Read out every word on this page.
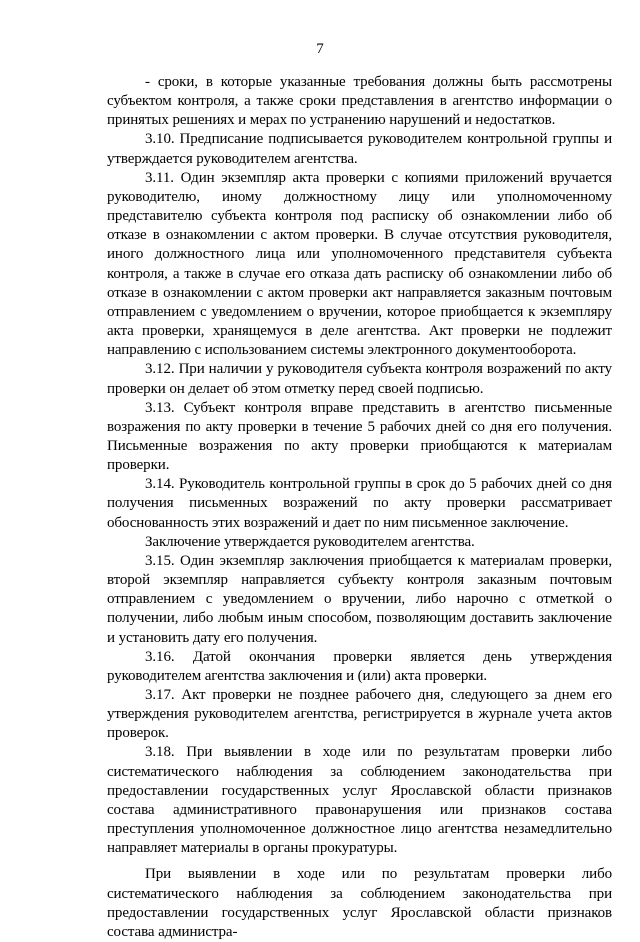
7

- сроки, в которые указанные требования должны быть рассмотрены субъектом контроля, а также сроки представления в агентство информации о принятых решениях и мерах по устранению нарушений и недостатков.

3.10. Предписание подписывается руководителем контрольной группы и утверждается руководителем агентства.

3.11. Один экземпляр акта проверки с копиями приложений вручается руководителю, иному должностному лицу или уполномоченному представителю субъекта контроля под расписку об ознакомлении либо об отказе в ознакомлении с актом проверки. В случае отсутствия руководителя, иного должностного лица или уполномоченного представителя субъекта контроля, а также в случае его отказа дать расписку об ознакомлении либо об отказе в ознакомлении с актом проверки акт направляется заказным почтовым отправлением с уведомлением о вручении, которое приобщается к экземпляру акта проверки, хранящемуся в деле агентства. Акт проверки не подлежит направлению с использованием системы электронного документооборота.

3.12. При наличии у руководителя субъекта контроля возражений по акту проверки он делает об этом отметку перед своей подписью.

3.13. Субъект контроля вправе представить в агентство письменные возражения по акту проверки в течение 5 рабочих дней со дня его получения. Письменные возражения по акту проверки приобщаются к материалам проверки.

3.14. Руководитель контрольной группы в срок до 5 рабочих дней со дня получения письменных возражений по акту проверки рассматривает обоснованность этих возражений и дает по ним письменное заключение.

Заключение утверждается руководителем агентства.

3.15. Один экземпляр заключения приобщается к материалам проверки, второй экземпляр направляется субъекту контроля заказным почтовым отправлением с уведомлением о вручении, либо нарочно с отметкой о получении, либо любым иным способом, позволяющим доставить заключение и установить дату его получения.

3.16. Датой окончания проверки является день утверждения руководителем агентства заключения и (или) акта проверки.

3.17. Акт проверки не позднее рабочего дня, следующего за днем его утверждения руководителем агентства, регистрируется в журнале учета актов проверок.

3.18. При выявлении в ходе или по результатам проверки либо систематического наблюдения за соблюдением законодательства при предоставлении государственных услуг Ярославской области признаков состава административного правонарушения или признаков состава преступления уполномоченное должностное лицо агентства незамедлительно направляет материалы в органы прокуратуры.

При выявлении в ходе или по результатам проверки либо систематического наблюдения за соблюдением законодательства при предоставлении государственных услуг Ярославской области признаков состава администра-
